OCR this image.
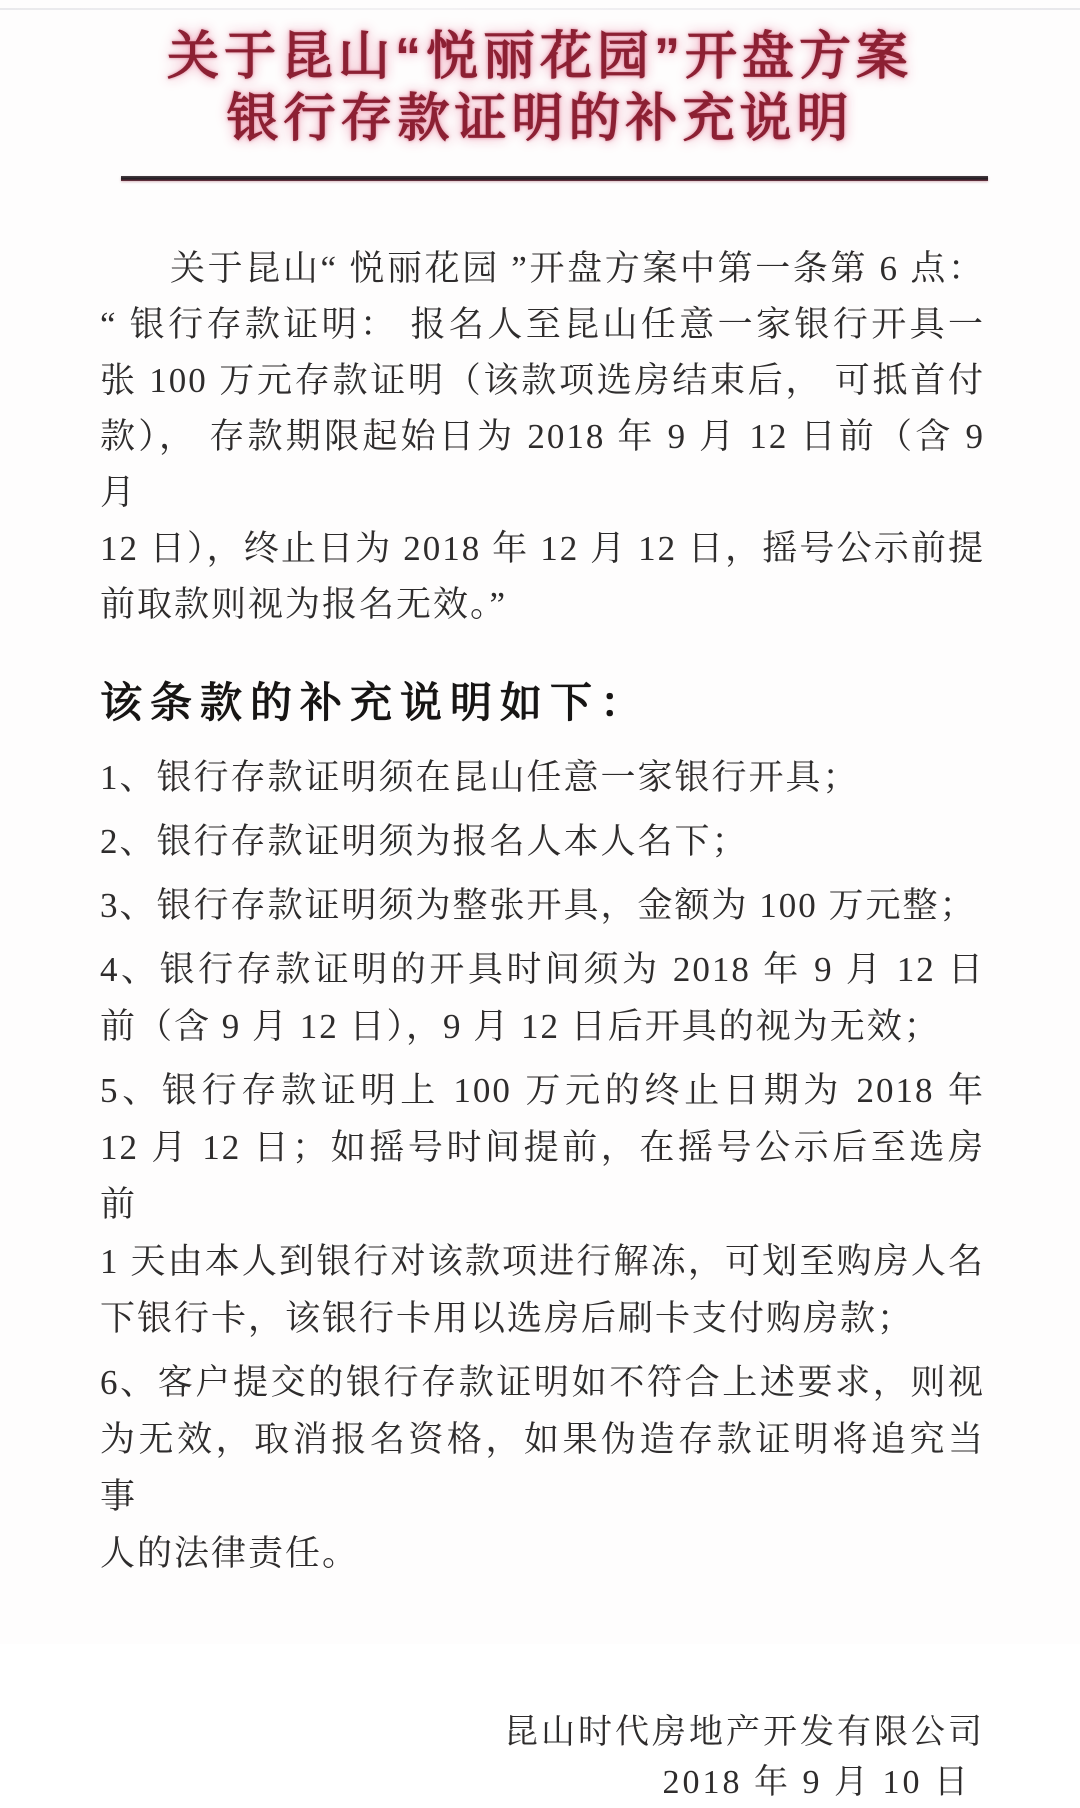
关于昆山“悦丽花园”开盘方案
银行存款证明的补充说明

关于昆山“ 悦丽花园 ”开盘方案中第一条第 6 点：

“ 银行存款证明： 报名人至昆山任意一家银行开具一

张 100 万元存款证明（该款项选房结束后， 可抵首付

款）， 存款期限起始日为 2018 年 9 月 12 日前（含 9 月

12 日），终止日为 2018 年 12 月 12 日，摇号公示前提

前取款则视为报名无效。”

该条款的补充说明如下：

1、银行存款证明须在昆山任意一家银行开具；

2、银行存款证明须为报名人本人名下；

3、银行存款证明须为整张开具，金额为 100 万元整；

4、银行存款证明的开具时间须为 2018 年 9 月 12 日

前（含 9 月 12 日），9 月 12 日后开具的视为无效；

5、银行存款证明上 100 万元的终止日期为 2018 年

12 月 12 日；如摇号时间提前，在摇号公示后至选房前

1 天由本人到银行对该款项进行解冻，可划至购房人名

下银行卡，该银行卡用以选房后刷卡支付购房款；

6、客户提交的银行存款证明如不符合上述要求，则视

为无效，取消报名资格，如果伪造存款证明将追究当事

人的法律责任。

昆山时代房地产开发有限公司

2018 年 9 月 10 日
